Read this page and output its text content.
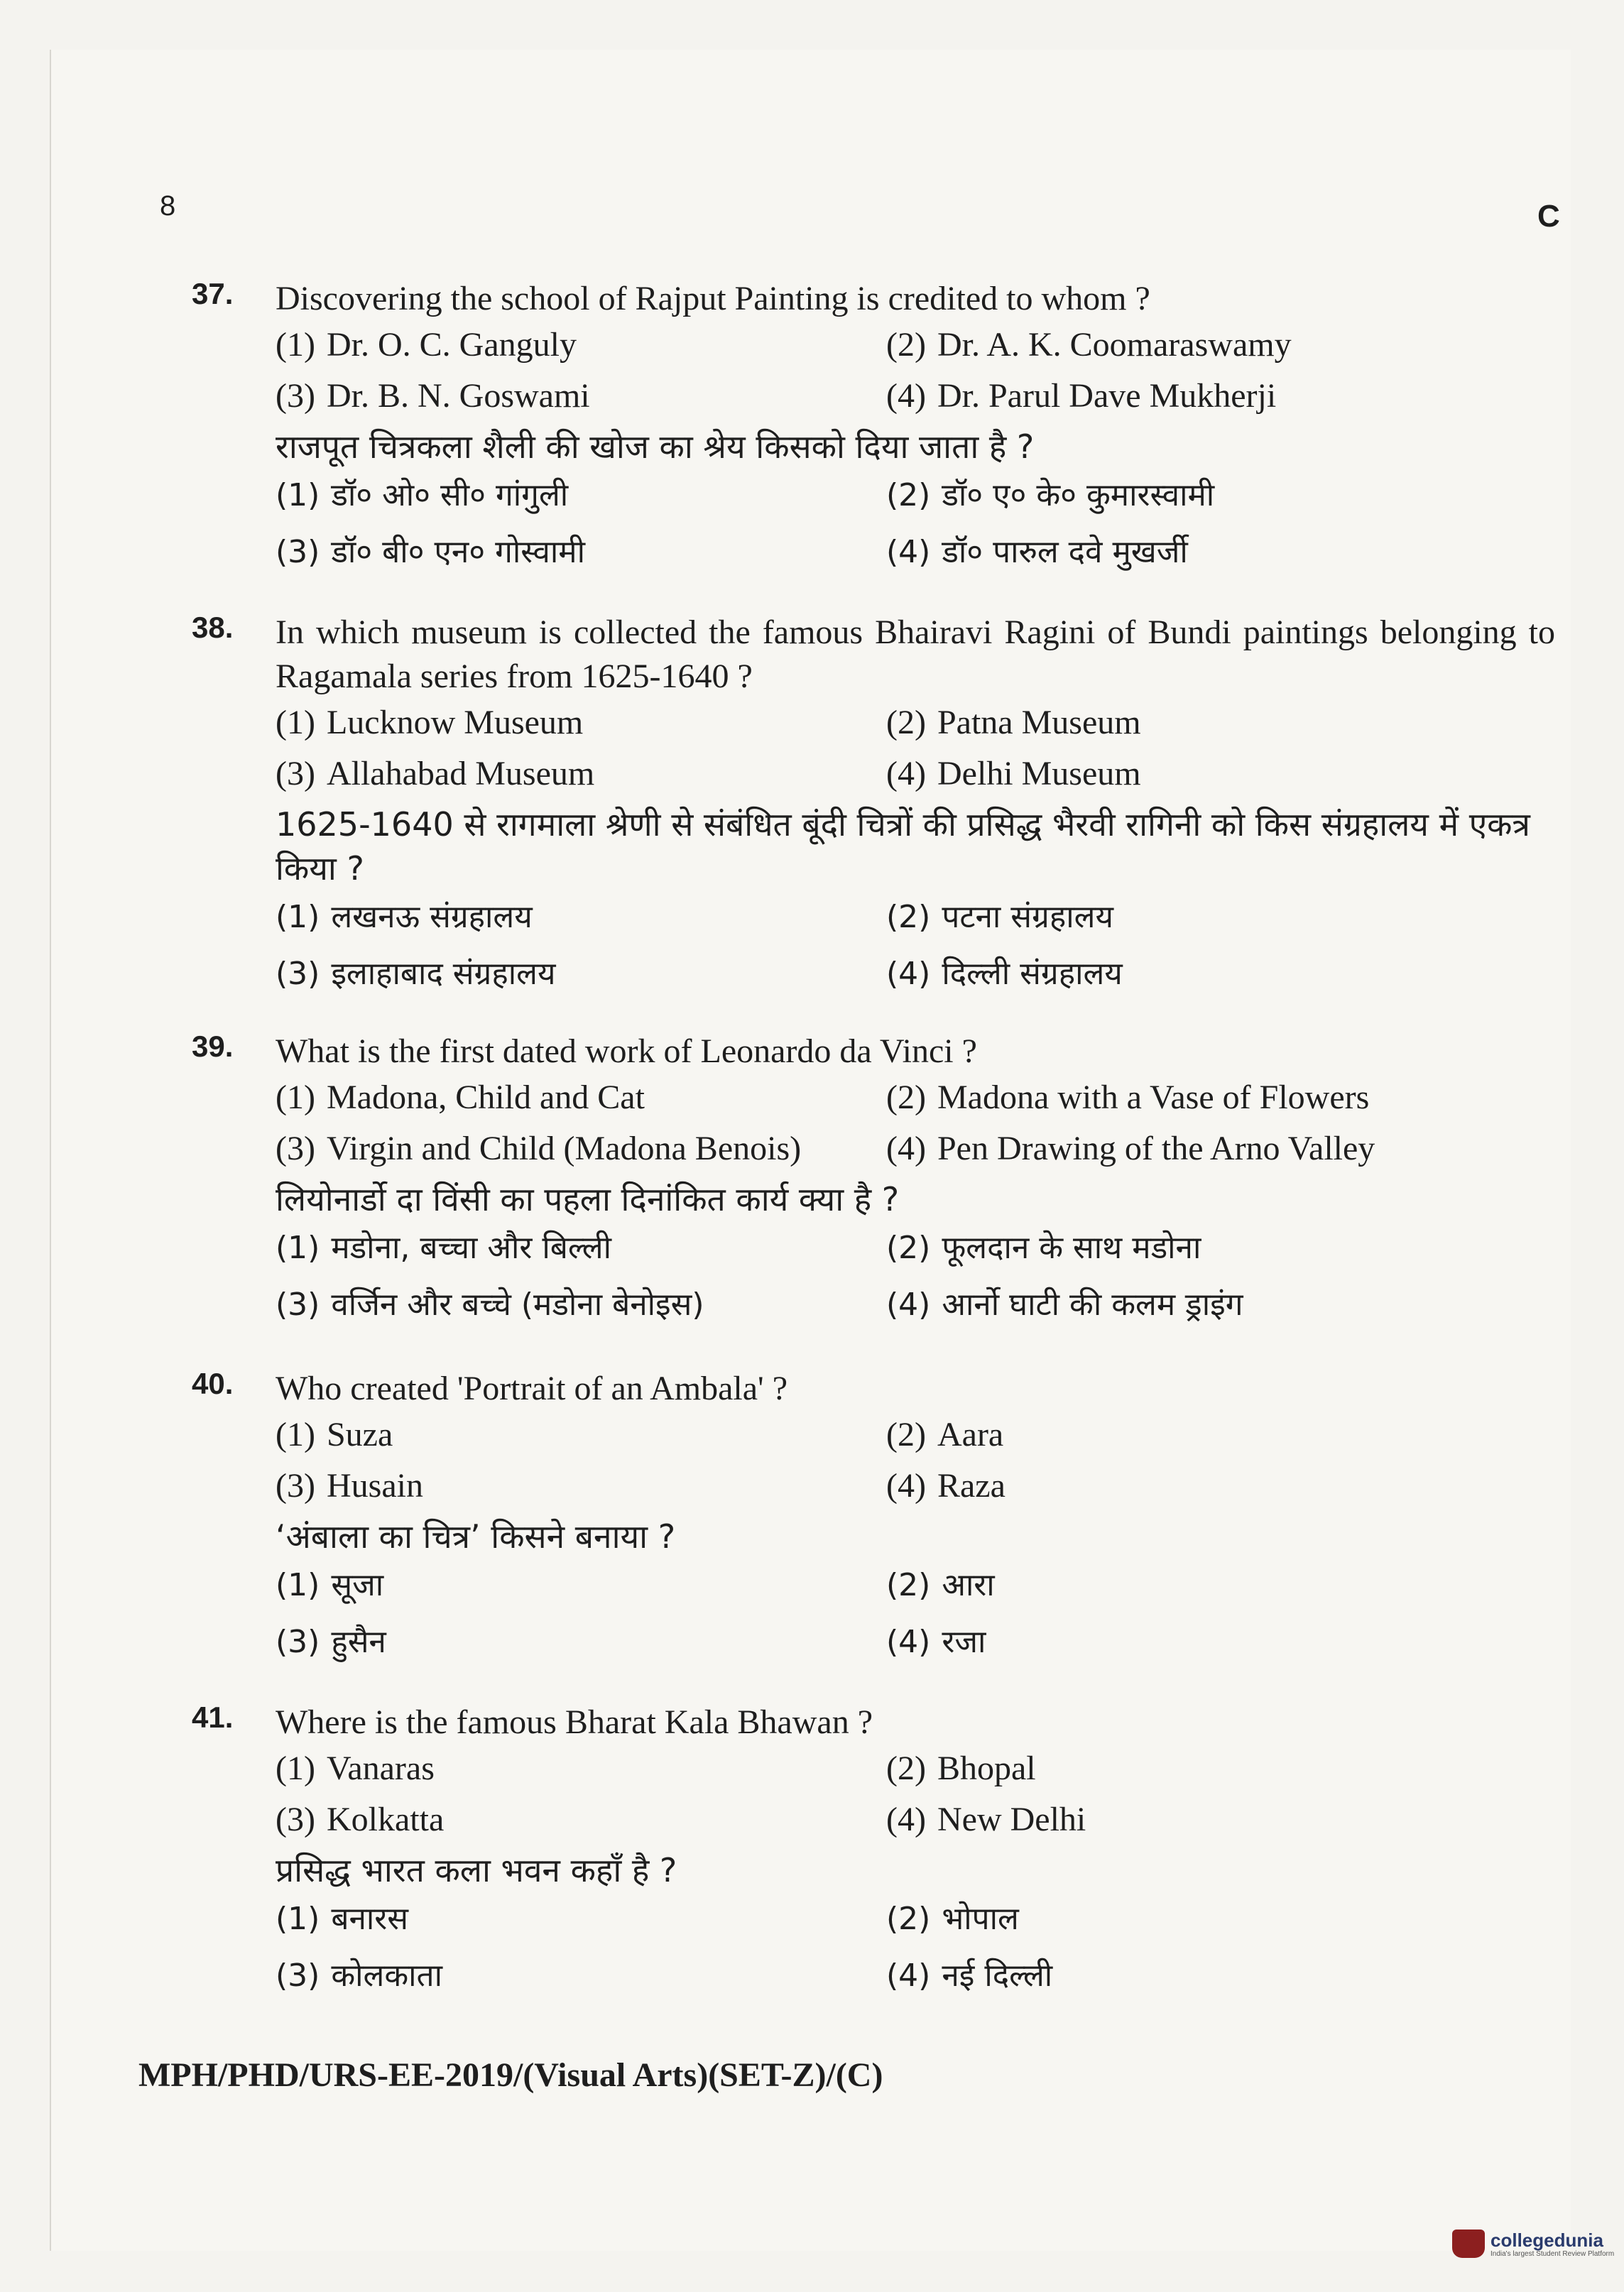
8	C
37. Discovering the school of Rajput Painting is credited to whom ?
(1) Dr. O. C. Ganguly	(2) Dr. A. K. Coomaraswamy
(3) Dr. B. N. Goswami	(4) Dr. Parul Dave Mukherji
राजपूत चित्रकला शैली की खोज का श्रेय किसको दिया जाता है ?
(1) डॉ० ओ० सी० गांगुली	(2) डॉ० ए० के० कुमारस्वामी
(3) डॉ० बी० एन० गोस्वामी	(4) डॉ० पारुल दवे मुखर्जी
38. In which museum is collected the famous Bhairavi Ragini of Bundi paintings belonging to Ragamala series from 1625-1640 ?
(1) Lucknow Museum	(2) Patna Museum
(3) Allahabad Museum	(4) Delhi Museum
1625-1640 से रागमाला श्रेणी से संबंधित बूंदी चित्रों की प्रसिद्ध भैरवी रागिनी को किस संग्रहालय में एकत्र किया ?
(1) लखनऊ संग्रहालय	(2) पटना संग्रहालय
(3) इलाहाबाद संग्रहालय	(4) दिल्ली संग्रहालय
39. What is the first dated work of Leonardo da Vinci ?
(1) Madona, Child and Cat	(2) Madona with a Vase of Flowers
(3) Virgin and Child (Madona Benois)	(4) Pen Drawing of the Arno Valley
लियोनार्डो दा विंसी का पहला दिनांकित कार्य क्या है ?
(1) मडोना, बच्चा और बिल्ली	(2) फूलदान के साथ मडोना
(3) वर्जिन और बच्चे (मडोना बेनोइस)	(4) आर्नो घाटी की कलम ड्राइंग
40. Who created 'Portrait of an Ambala' ?
(1) Suza	(2) Aara
(3) Husain	(4) Raza
‘अंबाला का चित्र’ किसने बनाया ?
(1) सूजा	(2) आरा
(3) हुसैन	(4) रजा
41. Where is the famous Bharat Kala Bhawan ?
(1) Vanaras	(2) Bhopal
(3) Kolkatta	(4) New Delhi
प्रसिद्ध भारत कला भवन कहाँ है ?
(1) बनारस	(2) भोपाल
(3) कोलकाता	(4) नई दिल्ली
MPH/PHD/URS-EE-2019/(Visual Arts)(SET-Z)/(C)
collegedunia
India's largest Student Review Platform
